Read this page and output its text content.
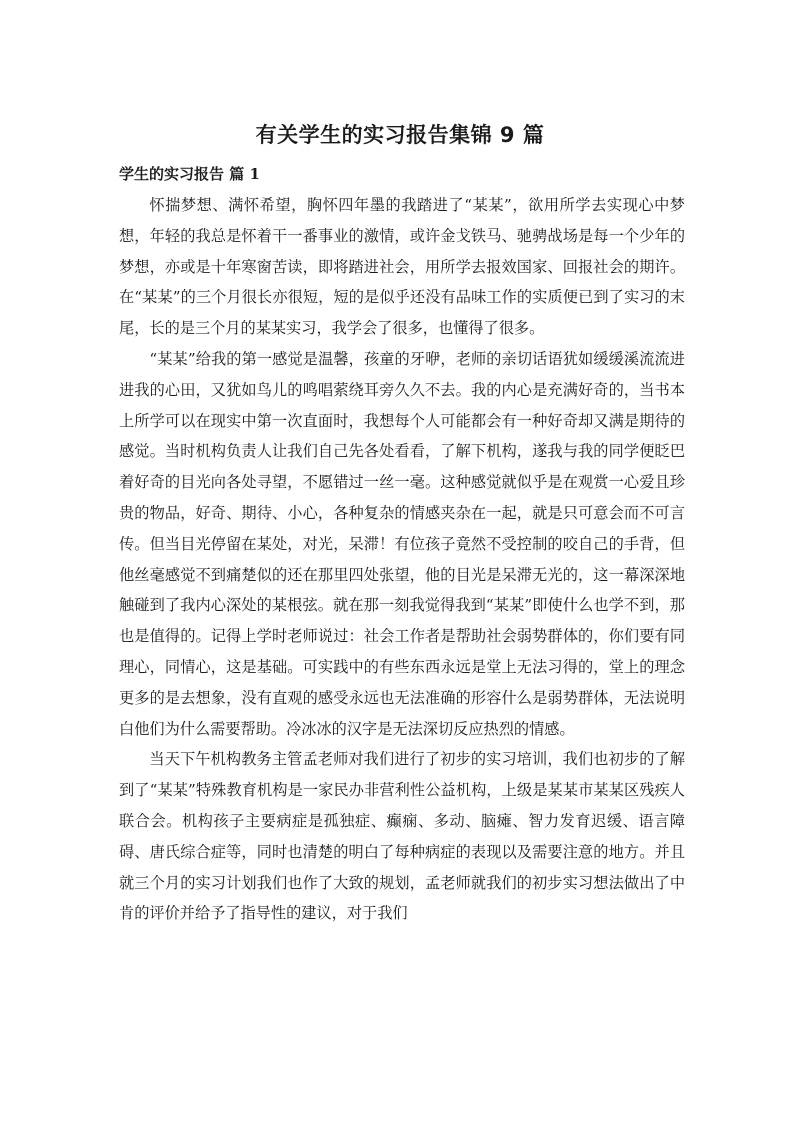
有关学生的实习报告集锦 9 篇
学生的实习报告 篇 1

怀揣梦想、满怀希望，胸怀四年墨的我踏进了“某某”，欲用所学去实现心中梦想，年轻的我总是怀着干一番事业的激情，或许金戈铁马、驰骋战场是每一个少年的梦想，亦或是十年寒窗苦读，即将踏进社会，用所学去报效国家、回报社会的期许。在“某某”的三个月很长亦很短，短的是似乎还没有品味工作的实质便已到了实习的末尾，长的是三个月的某某实习，我学会了很多，也懂得了很多。

“某某”给我的第一感觉是温馨，孩童的牙咿，老师的亲切话语犹如缓缓溪流流进进我的心田，又犹如鸟儿的鸣唱萦绕耳旁久久不去。我的内心是充满好奇的，当书本上所学可以在现实中第一次直面时，我想每个人可能都会有一种好奇却又满是期待的感觉。当时机构负责人让我们自己先各处看看，了解下机构，遂我与我的同学便眨巴着好奇的目光向各处寻望，不愿错过一丝一毫。这种感觉就似乎是在观赏一心爱且珍贵的物品，好奇、期待、小心，各种复杂的情感夹杂在一起，就是只可意会而不可言传。但当目光停留在某处，对光，呆滞！有位孩子竟然不受控制的咬自己的手背，但他丝毫感觉不到痛楚似的还在那里四处张望，他的目光是呆滞无光的，这一幕深深地触碰到了我内心深处的某根弦。就在那一刻我觉得我到“某某”即使什么也学不到，那也是值得的。记得上学时老师说过：社会工作者是帮助社会弱势群体的，你们要有同理心，同情心，这是基础。可实践中的有些东西永远是堂上无法习得的，堂上的理念更多的是去想象，没有直观的感受永远也无法准确的形容什么是弱势群体，无法说明白他们为什么需要帮助。冷冰冰的汉字是无法深切反应热烈的情感。

当天下午机构教务主管孟老师对我们进行了初步的实习培训，我们也初步的了解到了“某某”特殊教育机构是一家民办非营利性公益机构，上级是某某市某某区残疾人联合会。机构孩子主要病症是孤独症、癫痫、多动、脑瘫、智力发育迟缓、语言障碍、唐氏综合症等，同时也清楚的明白了每种病症的表现以及需要注意的地方。并且就三个月的实习计划我们也作了大致的规划，孟老师就我们的初步实习想法做出了中肯的评价并给予了指导性的建议，对于我们
